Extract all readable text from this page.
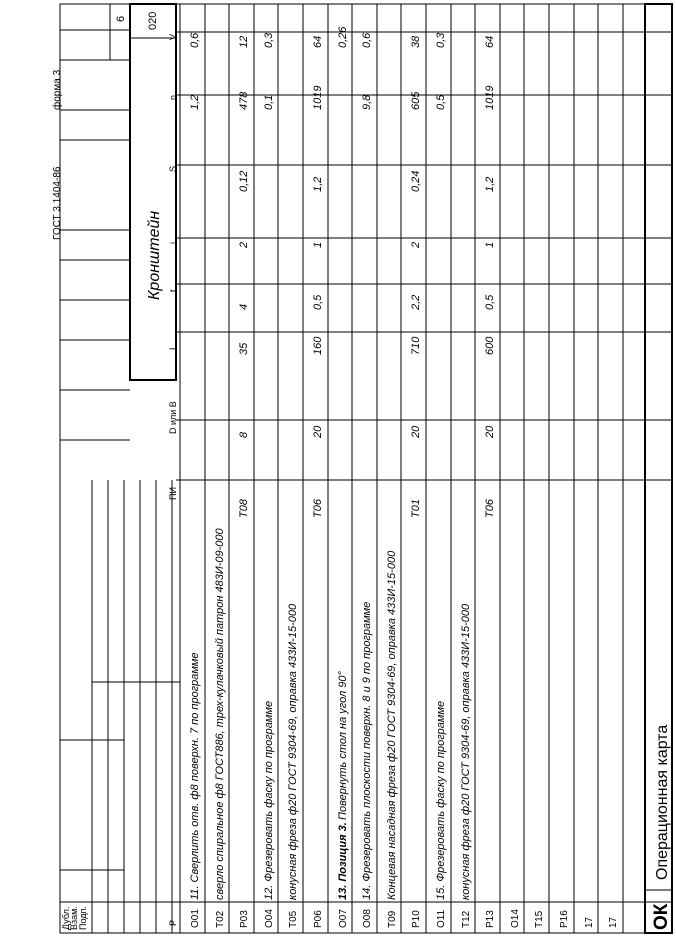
Дубл.
Взам. Подп.
ГОСТ 3.1404-86
форма 3
Кронштейн
6 020
P
ПИ
D или B
L
t
i
S
n
V
О01
11. Сверлить отв. ф8 поверхн. 7 по программе
1,2
0,6
Т02
сверло спиральное ф8 ГОСТ886, трех-кулачковый патрон 483И-09-000
Р03
Т08
8
35
4
2
0,12
478
12
О04
12. Фрезеровать фаску по программе
0,1
0,3
Т05
конусная фреза ф20 ГОСТ 9304-69, оправка 433И-15-000
Р06
Т06
20
160
0,5
1
1,2
1019
64
О07
13. Позиция 3.
Повернуть стол на угол 90°
0,26
О08
14. Фрезеровать плоскости поверхн. 8 и 9 по программе
9,8
0,6
Т09
Концевая насадная фреза ф20 ГОСТ 9304-69, оправка 433И-15-000
Р10
Т01
20
710
2,2
2
0,24
605
38
О11
15. Фрезеровать фаску по программе
0,5
0,3
Т12
конусная фреза ф20 ГОСТ 9304-69, оправка 433И-15-000
Р13
Т06
20
600
0,5
1
1,2
1019
64
О14 Т15 Р16 17 17 ОК
Операционная карта
